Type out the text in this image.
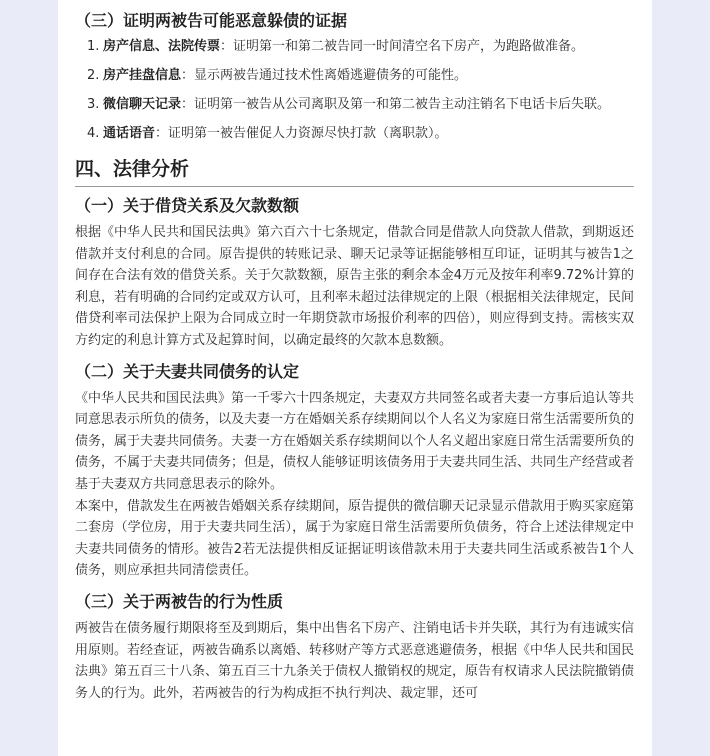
（三）证明两被告可能恶意躲债的证据
1. 房产信息、法院传票：证明第一和第二被告同一时间清空名下房产，为跑路做准备。
2. 房产挂盘信息：显示两被告通过技术性离婚逃避债务的可能性。
3. 微信聊天记录：证明第一被告从公司离职及第一和第二被告主动注销名下电话卡后失联。
4. 通话语音：证明第一被告催促人力资源尽快打款（离职款）。
四、法律分析
（一）关于借贷关系及欠款数额

根据《中华人民共和国民法典》第六百六十七条规定，借款合同是借款人向贷款人借款，到期返还借款并支付利息的合同。原告提供的转账记录、聊天记录等证据能够相互印证，证明其与被告1之间存在合法有效的借贷关系。关于欠款数额，原告主张的剩余本金4万元及按年利率9.72%计算的利息，若有明确的合同约定或双方认可，且利率未超过法律规定的上限（根据相关法律规定，民间借贷利率司法保护上限为合同成立时一年期贷款市场报价利率的四倍），则应得到支持。需核实双方约定的利息计算方式及起算时间，以确定最终的欠款本息数额。

（二）关于夫妻共同债务的认定

《中华人民共和国民法典》第一千零六十四条规定，夫妻双方共同签名或者夫妻一方事后追认等共同意思表示所负的债务，以及夫妻一方在婚姻关系存续期间以个人名义为家庭日常生活需要所负的债务，属于夫妻共同债务。夫妻一方在婚姻关系存续期间以个人名义超出家庭日常生活需要所负的债务，不属于夫妻共同债务；但是，债权人能够证明该债务用于夫妻共同生活、共同生产经营或者基于夫妻双方共同意思表示的除外。

本案中，借款发生在两被告婚姻关系存续期间，原告提供的微信聊天记录显示借款用于购买家庭第二套房（学位房，用于夫妻共同生活），属于为家庭日常生活需要所负债务，符合上述法律规定中夫妻共同债务的情形。被告2若无法提供相反证据证明该借款未用于夫妻共同生活或系被告1个人债务，则应承担共同清偿责任。

（三）关于两被告的行为性质

两被告在债务履行期限将至及到期后，集中出售名下房产、注销电话卡并失联，其行为有违诚实信用原则。若经查证，两被告确系以离婚、转移财产等方式恶意逃避债务，根据《中华人民共和国民法典》第五百三十八条、第五百三十九条关于债权人撤销权的规定，原告有权请求人民法院撤销债务人的行为。此外，若两被告的行为构成拒不执行判决、裁定罪，还可
